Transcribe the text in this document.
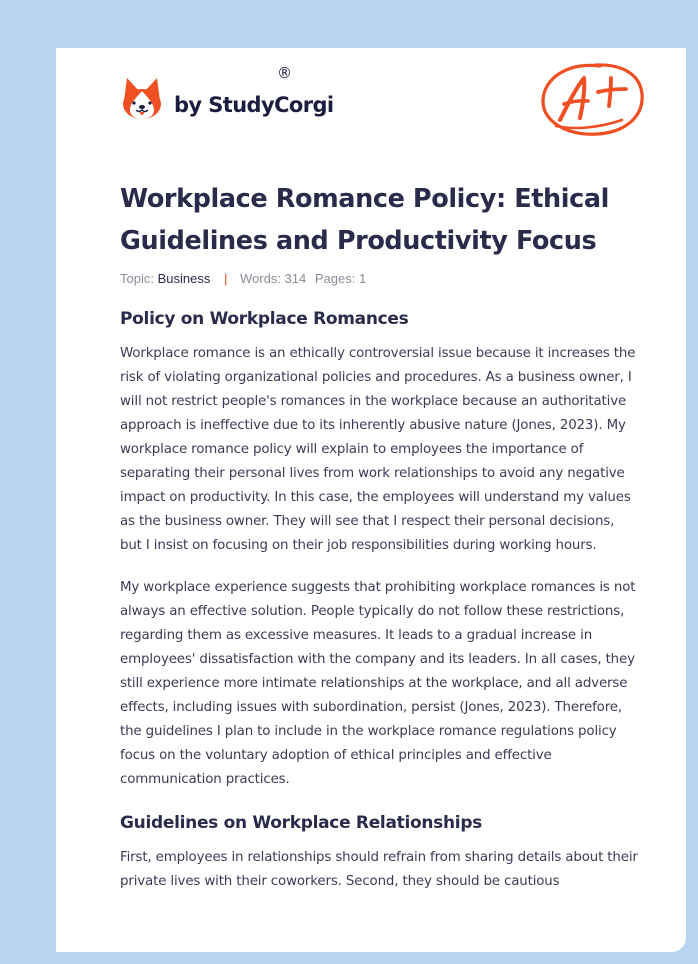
by StudyCorgi
®
Workplace Romance Policy: Ethical Guidelines and Productivity Focus
Topic: Business | Words: 314 Pages: 1
Policy on Workplace Romances

Workplace romance is an ethically controversial issue because it increases the risk of violating organizational policies and procedures. As a business owner, I will not restrict people's romances in the workplace because an authoritative approach is ineffective due to its inherently abusive nature (Jones, 2023). My workplace romance policy will explain to employees the importance of separating their personal lives from work relationships to avoid any negative impact on productivity. In this case, the employees will understand my values as the business owner. They will see that I respect their personal decisions, but I insist on focusing on their job responsibilities during working hours.

My workplace experience suggests that prohibiting workplace romances is not always an effective solution. People typically do not follow these restrictions, regarding them as excessive measures. It leads to a gradual increase in employees' dissatisfaction with the company and its leaders. In all cases, they still experience more intimate relationships at the workplace, and all adverse effects, including issues with subordination, persist (Jones, 2023). Therefore, the guidelines I plan to include in the workplace romance regulations policy focus on the voluntary adoption of ethical principles and effective communication practices.

Guidelines on Workplace Relationships

First, employees in relationships should refrain from sharing details about their private lives with their coworkers. Second, they should be cautious
